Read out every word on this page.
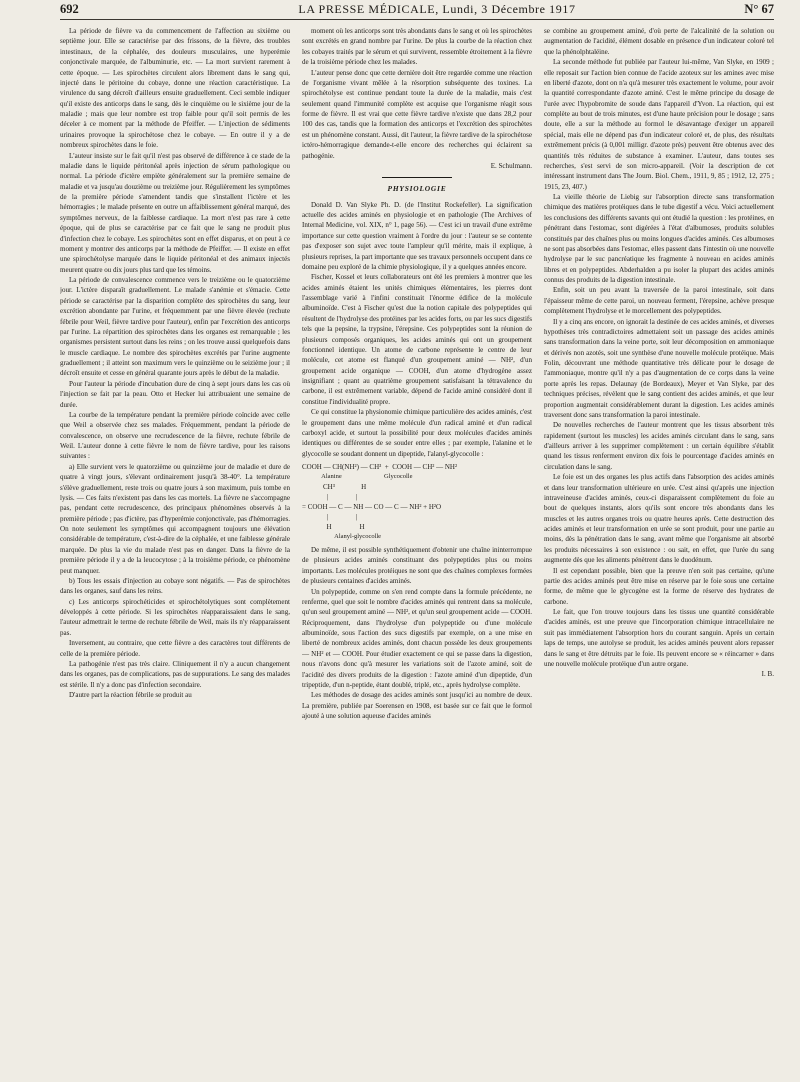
692	LA PRESSE MÉDICALE, Lundi, 3 Décembre 1917	N° 67

La période de fièvre va du commencement de l'affection au sixième ou septième jour. Elle se caractérise par des frissons, de la fièvre, des troubles intestinaux, de la céphalée, des douleurs musculaires, une hyperémie conjonctivale marquée, de l'albuminurie, etc. — La mort survient rarement à cette époque. — Les spirochètes circulent alors librement dans le sang qui, injecté dans le péritoine du cobaye, donne une réaction caractéristique. La virulence du sang décroît d'ailleurs ensuite graduellement. Ceci semble indiquer qu'il existe des anticorps dans le sang, dès le cinquième ou le sixième jour de la maladie ; mais que leur nombre est trop faible pour qu'il soit permis de les déceler à ce moment par la méthode de Pfeiffer. — L'injection de sédiments urinaires provoque la spirochétose chez le cobaye. — En outre il y a de nombreux spirochètes dans le foie.

L'auteur insiste sur le fait qu'il n'est pas observé de différence à ce stade de la maladie dans le liquide péritonéal après injection de sérum pathologique ou normal. La période d'ictère empiète généralement sur la première semaine de maladie et va jusqu'au douzième ou treizième jour. Régulièrement les symptômes de la première période s'amendent tandis que s'installent l'ictère et les hémorragies ; le malade présente en outre un affaiblissement général marqué, des symptômes nerveux, de la faiblesse cardiaque. La mort n'est pas rare à cette époque, qui de plus se caractérise par ce fait que le sang ne produit plus d'infection chez le cobaye. Les spirochètes sont en effet disparus, et on peut à ce moment y montrer des anticorps par la méthode de Pfeiffer. — Il existe en effet une spirochétolyse marquée dans le liquide péritonéal et des animaux injectés meurent quatre ou dix jours plus tard que les témoins.

La période de convalescence commence vers le treizième ou le quatorzième jour. L'ictère disparaît graduellement. Le malade s'anémie et s'émacie. Cette période se caractérise par la disparition complète des spirochètes du sang, leur excrétion abondante par l'urine, et fréquemment par une fièvre élevée (rechute fébrile pour Weil, fièvre tardive pour l'auteur), enfin par l'excrétion des anticorps par l'urine. La répartition des spirochètes dans les organes est remarquable ; les organismes persistent surtout dans les reins ; on les trouve aussi quelquefois dans le muscle cardiaque. Le nombre des spirochètes excrétés par l'urine augmente graduellement ; il atteint son maximum vers le quinzième ou le seizième jour ; il décroît ensuite et cesse en général quarante jours après le début de la maladie.

Pour l'auteur la période d'incubation dure de cinq à sept jours dans les cas où l'injection se fait par la peau. Otto et Hecker lui attribuaient une semaine de durée.

La courbe de la température pendant la première période coïncide avec celle que Weil a observée chez ses malades. Fréquemment, pendant la période de convalescence, on observe une recrudescence de la fièvre, rechute fébrile de Weil. L'auteur donne à cette fièvre le nom de fièvre tardive, pour les raisons suivantes :

a) Elle survient vers le quatorzième ou quinzième jour de maladie et dure de quatre à vingt jours, s'élevant ordinairement jusqu'à 38-40°. La température s'élève graduellement, reste trois ou quatre jours à son maximum, puis tombe en lysis. — Ces faits n'existent pas dans les cas mortels. La fièvre ne s'accompagne pas, pendant cette recrudescence, des principaux phénomènes observés à la première période ; pas d'ictère, pas d'hyperémie conjonctivale, pas d'hémorragies. On note seulement les symptômes qui accompagnent toujours une élévation considérable de température, c'est-à-dire de la céphalée, et une faiblesse générale marquée. De plus la vie du malade n'est pas en danger. Dans la fièvre de la première période il y a de la leucocytose ; à la troisième période, ce phénomène peut manquer.

b) Tous les essais d'injection au cobaye sont négatifs. — Pas de spirochètes dans les organes, sauf dans les reins.

c) Les anticorps spirochéticides et spirochétolytiques sont complètement développés à cette période. Si les spirochètes réapparaissaient dans le sang, l'auteur admettrait le terme de rechute fébrile de Weil, mais ils n'y réapparaissent pas.

Inversement, au contraire, que cette fièvre a des caractères tout différents de celle de la première période.

La pathogénie n'est pas très claire. Cliniquement il n'y a aucun changement dans les organes, pas de complications, pas de suppurations. Le sang des malades est stérile. Il n'y a donc pas d'infection secondaire.

D'autre part la réaction fébrile se produit au

moment où les anticorps sont très abondants dans le sang et où les spirochètes sont excrétés en grand nombre par l'urine. De plus la courbe de la réaction chez les cobayes traités par le sérum et qui survivent, ressemble étroitement à la fièvre de la troisième période chez les malades.

L'auteur pense donc que cette dernière doit être regardée comme une réaction de l'organisme vivant mêlée à la résorption subséquente des toxines. La spirochétolyse est continue pendant toute la durée de la maladie, mais c'est seulement quand l'immunité complète est acquise que l'organisme réagit sous forme de fièvre. Il est vrai que cette fièvre tardive n'existe que dans 28,2 pour 100 des cas, tandis que la formation des anticorps et l'excrétion des spirochètes est un phénomène constant. Aussi, dit l'auteur, la fièvre tardive de la spirochétose ictéro-hémorragique demande-t-elle encore des recherches qui éclairent sa pathogénie.

E. Schulmann.

PHYSIOLOGIE

Donald D. Van Slyke Ph. D. (de l'Institut Rockefeller). La signification actuelle des acides aminés en physiologie et en pathologie (The Archives of Internal Medicine, vol. XIX, n° 1, page 56). — C'est ici un travail d'une extrême importance sur cette question vraiment à l'ordre du jour : l'auteur se se contente pas d'exposer son sujet avec toute l'ampleur qu'il mérite, mais il explique, à plusieurs reprises, la part importante que ses travaux personnels occupent dans ce domaine peu exploré de la chimie physiologique, il y a quelques années encore.

Fischer, Kossel et leurs collaborateurs ont été les premiers à montrer que les acides aminés étaient les unités chimiques élémentaires, les pierres dont l'assemblage varié à l'infini constituait l'énorme édifice de la molécule albuminoïde. C'est à Fischer qu'est due la notion capitale des polypeptides qui résultent de l'hydrolyse des protéines par les acides forts, ou par les sucs digestifs tels que la pepsine, la trypsine, l'érepsine. Ces polypeptides sont la réunion de plusieurs composés organiques, les acides aminés qui ont un groupement fonctionnel identique. Un atome de carbone représente le centre de leur molécule, cet atome est flanqué d'un groupement aminé — NH², d'un groupement acide organique — COOH, d'un atome d'hydrogène assez insignifiant ; quant au quatrième groupement satisfaisant la tétravalence du carbone, il est extrêmement variable, dépend de l'acide aminé considéré dont il constitue l'individualité propre.

Ce qui constitue la physionomie chimique particulière des acides aminés, c'est le groupement dans une même molécule d'un radical aminé et d'un radical carboxyl acide, et surtout la possibilité pour deux molécules d'acides aminés identiques ou différentes de se souder entre elles ; par exemple, l'alanine et le glycocolle se soudant donnent un dipeptide, l'alanyl-glycocolle :

COOH — CH(NH²) — CH³  +  COOH — CH² — NH²
Alanine                          Glycocolle
CH³               H
|                |
= COOH — C — NH — CO — C — NH² + H²O
|                |
H                H
Alanyl-glycocolle

De même, il est possible synthétiquement d'obtenir une chaîne ininterrompue de plusieurs acides aminés constituant des polypeptides plus ou moins importants. Les molécules protéiques ne sont que des chaînes complexes formées de plusieurs centaines d'acides aminés.

Un polypeptide, comme on s'en rend compte dans la formule précédente, ne renferme, quel que soit le nombre d'acides aminés qui rentrent dans sa molécule, qu'un seul groupement aminé — NH², et qu'un seul groupement acide — COOH. Réciproquement, dans l'hydrolyse d'un polypeptide ou d'une molécule albuminoïde, sous l'action des sucs digestifs par exemple, on a une mise en liberté de nombreux acides aminés, dont chacun possède les deux groupements — NH² et — COOH. Pour étudier exactement ce qui se passe dans la digestion, nous n'avons donc qu'à mesurer les variations soit de l'azote aminé, soit de l'acidité des divers produits de la digestion : l'azote aminé d'un dipeptide, d'un tripeptide, d'un n-peptide, étant doublé, triplé, etc., après hydrolyse complète.

Les méthodes de dosage des acides aminés sont jusqu'ici au nombre de deux. La première, publiée par Soerensen en 1908, est basée sur ce fait que le formol ajouté à une solution aqueuse d'acides aminés

se combine au groupement aminé, d'où perte de l'alcalinité de la solution ou augmentation de l'acidité, élément dosable en présence d'un indicateur coloré tel que la phénolphtaléine.

La seconde méthode fut publiée par l'auteur lui-même, Van Slyke, en 1909 ; elle reposait sur l'action bien connue de l'acide azoteux sur les amines avec mise en liberté d'azote, dont on n'a qu'à mesurer très exactement le volume, pour avoir la quantité correspondante d'azote aminé. C'est le même principe du dosage de l'urée avec l'hypobromite de soude dans l'appareil d'Yvon. La réaction, qui est complète au bout de trois minutes, est d'une haute précision pour le dosage ; sans doute, elle a sur la méthode au formol le désavantage d'exiger un appareil spécial, mais elle ne dépend pas d'un indicateur coloré et, de plus, des résultats extrêmement précis (à 0,001 milligr. d'azote près) peuvent être obtenus avec des quantités très réduites de substance à examiner. L'auteur, dans toutes ses recherches, s'est servi de son micro-appareil. (Voir la description de cet intéressant instrument dans The Journ. Biol. Chem., 1911, 9, 85 ; 1912, 12, 275 ; 1915, 23, 407.)

La vieille théorie de Liebig sur l'absorption directe sans transformation chimique des matières protéiques dans le tube digestif a vécu. Voici actuellement les conclusions des différents savants qui ont étudié la question : les protéines, en pénétrant dans l'estomac, sont digérées à l'état d'albumoses, produits solubles constitués par des chaînes plus ou moins longues d'acides aminés. Ces albumoses ne sont pas absorbées dans l'estomac, elles passent dans l'intestin où une nouvelle hydrolyse par le suc pancréatique les fragmente à nouveau en acides aminés libres et en polypeptides. Abderhalden a pu isoler la plupart des acides aminés connus des produits de la digestion intestinale.

Enfin, soit un peu avant la traversée de la paroi intestinale, soit dans l'épaisseur même de cette paroi, un nouveau ferment, l'érepsine, achève presque complètement l'hydrolyse et le morcellement des polypeptides.

Il y a cinq ans encore, on ignorait la destinée de ces acides aminés, et diverses hypothèses très contradictoires admettaient soit un passage des acides aminés sans transformation dans la veine porte, soit leur décomposition en ammoniaque et dérivés non azotés, soit une synthèse d'une nouvelle molécule protéique. Mais Folin, découvrant une méthode quantitative très délicate pour le dosage de l'ammoniaque, montre qu'il n'y a pas d'augmentation de ce corps dans la veine porte après les repas. Delaunay (de Bordeaux), Meyer et Van Slyke, par des techniques précises, révèlent que le sang contient des acides aminés, et que leur proportion augmentait considérablement durant la digestion. Les acides aminés traversent donc sans transformation la paroi intestinale.

De nouvelles recherches de l'auteur montrent que les tissus absorbent très rapidement (surtout les muscles) les acides aminés circulant dans le sang, sans d'ailleurs arriver à les supprimer complètement : un certain équilibre s'établit quand les tissus renferment environ dix fois le pourcentage d'acides aminés en circulation dans le sang.

Le foie est un des organes les plus actifs dans l'absorption des acides aminés et dans leur transformation ultérieure en urée. C'est ainsi qu'après une injection intraveineuse d'acides aminés, ceux-ci disparaissent complètement du foie au bout de quelques instants, alors qu'ils sont encore très abondants dans les muscles et les autres organes trois ou quatre heures après. Cette destruction des acides aminés et leur transformation en urée se sont produit, pour une partie au moins, dès la pénétration dans le sang, avant même que l'organisme ait absorbé les produits nécessaires à son existence : ou sait, en effet, que l'urée du sang augmente dès que les aliments pénètrent dans le duodénum.

Il est cependant possible, bien que la preuve n'en soit pas certaine, qu'une partie des acides aminés peut être mise en réserve par le foie sous une certaine forme, de même que le glycogène est la forme de réserve des hydrates de carbone.

Le fait, que l'on trouve toujours dans les tissus une quantité considérable d'acides aminés, est une preuve que l'incorporation chimique intracellulaire ne suit pas immédiatement l'absorption hors du courant sanguin. Après un certain laps de temps, une autolyse se produit, les acides aminés peuvent alors repasser dans le sang et être détruits par le foie. Ils peuvent encore se « réincarner » dans une nouvelle molécule protéique d'un autre organe.

I. B.
